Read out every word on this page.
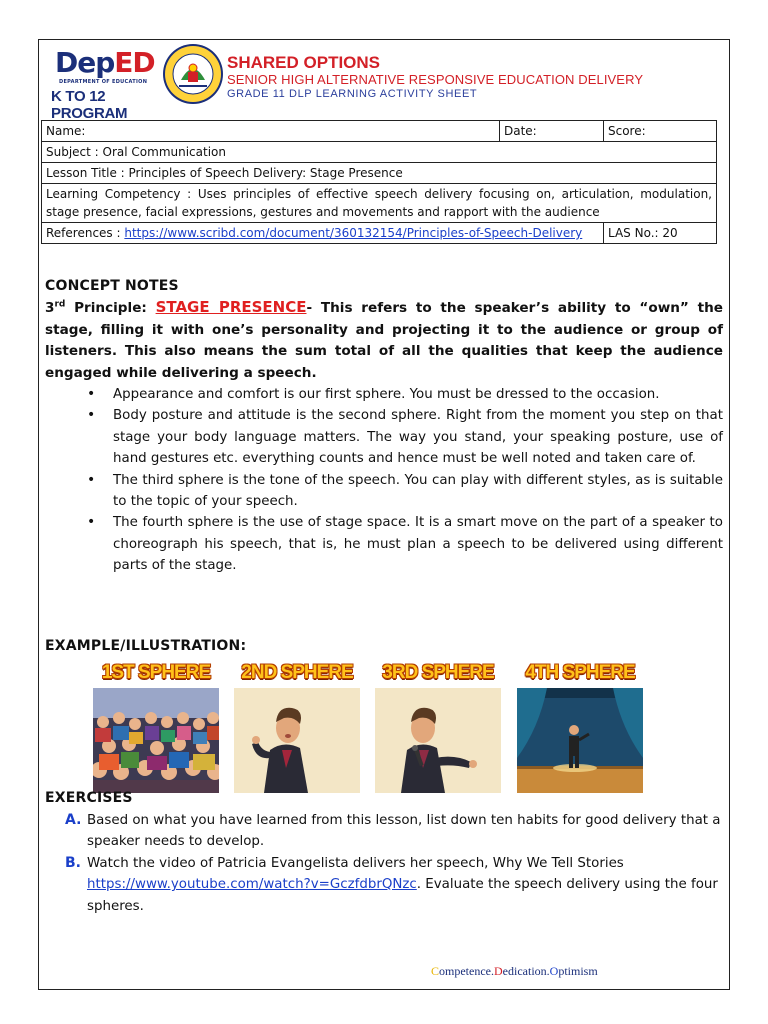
DepED
DEPARTMENT OF EDUCATION
K TO 12 PROGRAM
SHARED OPTIONS
SENIOR HIGH ALTERNATIVE RESPONSIVE EDUCATION DELIVERY
GRADE 11 DLP LEARNING ACTIVITY SHEET
Name:	Date:	Score:
Subject : Oral Communication		
Lesson Title : Principles of Speech Delivery: Stage Presence		
Learning Competency : Uses principles of effective speech delivery focusing on, articulation, modulation, stage presence, facial expressions, gestures and movements and rapport with the audience		
References : https://www.scribd.com/document/360132154/Principles-of-Speech-Delivery		LAS No.: 20
CONCEPT NOTES

3rd Principle: STAGE PRESENCE- This refers to the speaker’s ability to “own” the stage, filling it with one’s personality and projecting it to the audience or group of listeners. This also means the sum total of all the qualities that keep the audience engaged while delivering a speech.

• Appearance and comfort is our first sphere. You must be dressed to the occasion.
• Body posture and attitude is the second sphere. Right from the moment you step on that stage your body language matters. The way you stand, your speaking posture, use of hand gestures etc. everything counts and hence must be well noted and taken care of.
• The third sphere is the tone of the speech. You can play with different styles, as is suitable to the topic of your speech.
• The fourth sphere is the use of stage space. It is a smart move on the part of a speaker to choreograph his speech, that is, he must plan a speech to be delivered using different parts of the stage.
EXAMPLE/ILLUSTRATION:
1ST SPHERE	2ND SPHERE	3RD SPHERE	4TH SPHERE
EXERCISES
A. Based on what you have learned from this lesson, list down ten habits for good delivery that a speaker needs to develop.
B. Watch the video of Patricia Evangelista delivers her speech, Why We Tell Stories https://www.youtube.com/watch?v=GczfdbrQNzc. Evaluate the speech delivery using the four spheres.
Competence.Dedication.Optimism
